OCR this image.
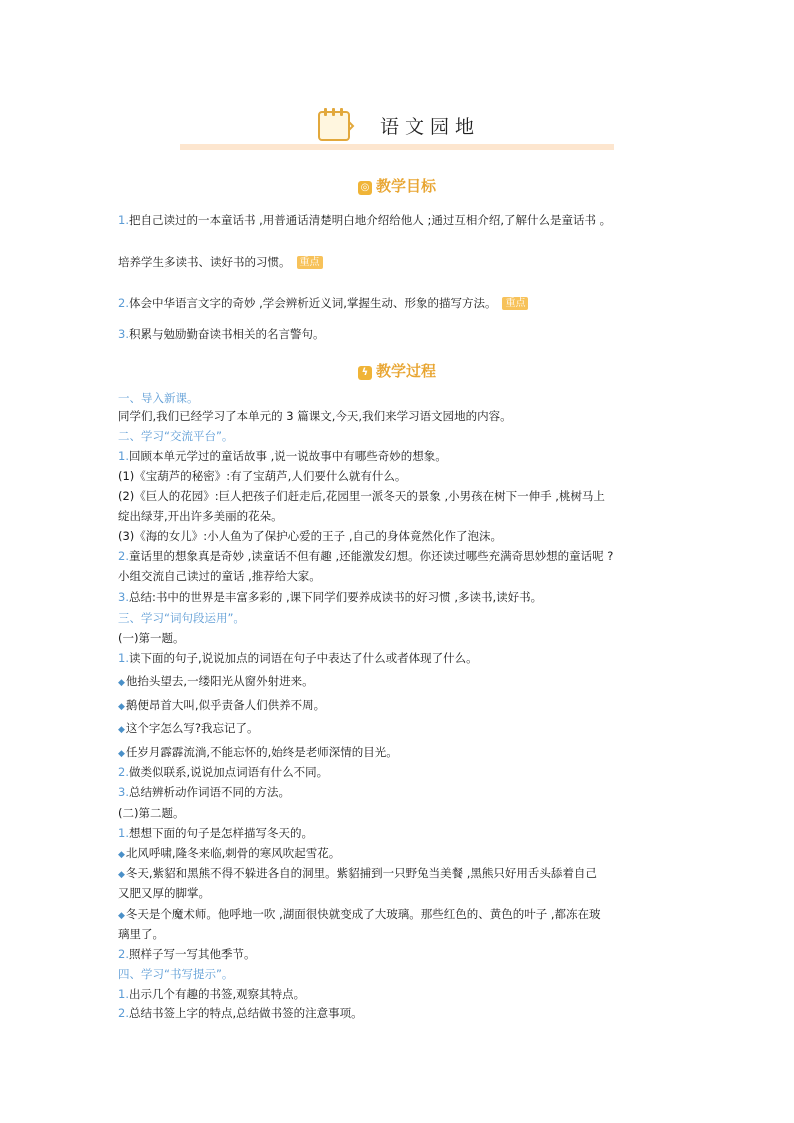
语文园地
◎ 教学目标
1.把自己读过的一本童话书 ,用普通话清楚明白地介绍给他人 ;通过互相介绍,了解什么是童话书 。
培养学生多读书、读好书的习惯。 重点
2.体会中华语言文字的奇妙 ,学会辨析近义词,掌握生动、形象的描写方法。 重点
3.积累与勉励勤奋读书相关的名言警句。
ϟ 教学过程
一、导入新课。
同学们,我们已经学习了本单元的 3 篇课文,今天,我们来学习语文园地的内容。
二、学习“交流平台”。
1.回顾本单元学过的童话故事 ,说一说故事中有哪些奇妙的想象。
(1)《宝葫芦的秘密》:有了宝葫芦,人们要什么就有什么。
(2)《巨人的花园》:巨人把孩子们赶走后,花园里一派冬天的景象 ,小男孩在树下一伸手 ,桃树马上
绽出绿芽,开出许多美丽的花朵。
(3)《海的女儿》:小人鱼为了保护心爱的王子 ,自己的身体竟然化作了泡沫。
2.童话里的想象真是奇妙 ,读童话不但有趣 ,还能激发幻想。你还读过哪些充满奇思妙想的童话呢 ?
小组交流自己读过的童话 ,推荐给大家。
3.总结:书中的世界是丰富多彩的 ,课下同学们要养成读书的好习惯 ,多读书,读好书。
三、学习“词句段运用”。
(一)第一题。
1.读下面的句子,说说加点的词语在句子中表达了什么或者体现了什么。
◆他抬头望去,一缕阳光从窗外射进来。
◆鹅便昂首大叫,似乎责备人们供养不周。
◆这个字怎么写?我忘记了。
◆任岁月霹霹流淌,不能忘怀的,始终是老师深情的目光。
2.做类似联系,说说加点词语有什么不同。
3.总结辨析动作词语不同的方法。
(二)第二题。
1.想想下面的句子是怎样描写冬天的。
◆北风呼啸,隆冬来临,刺骨的寒风吹起雪花。
◆冬天,紫貂和黑熊不得不躲进各自的洞里。紫貂捕到一只野兔当美餐 ,黑熊只好用舌头舔着自己
又肥又厚的脚掌。
◆冬天是个魔术师。他呼地一吹 ,湖面很快就变成了大玻璃。那些红色的、黄色的叶子 ,都冻在玻
璃里了。
2.照样子写一写其他季节。
四、学习“书写提示”。
1.出示几个有趣的书签,观察其特点。
2.总结书签上字的特点,总结做书签的注意事项。
